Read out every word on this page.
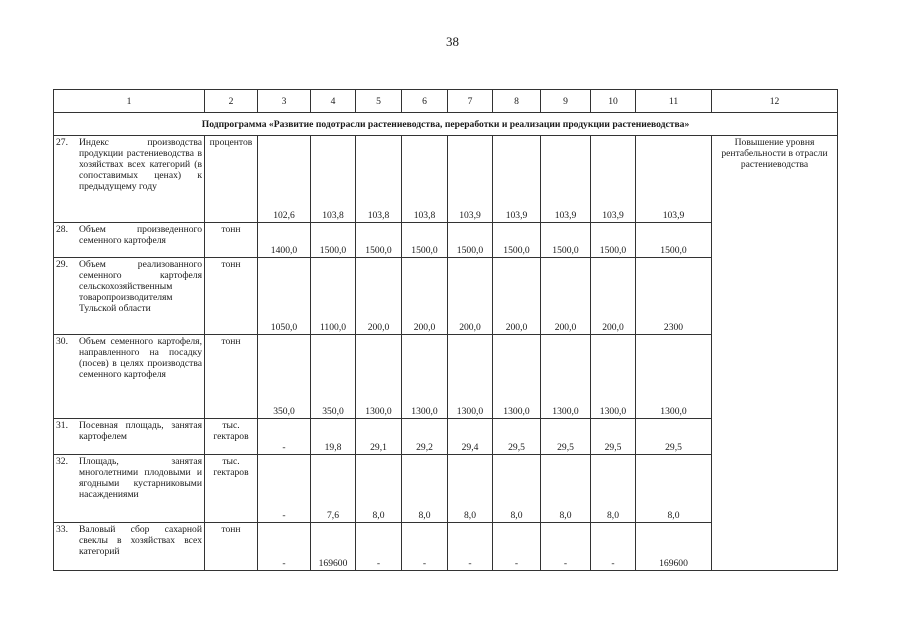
38
1	2	3	4	5	6	7	8	9	10	11	12
Подпрограмма «Развитие подотрасли растениеводства, переработки и реализации продукции растениеводства»											

27. Индекс производства продукции растениеводства в хозяйствах всех категорий (в сопоставимых ценах) к предыдущему году	процентов	102,6	103,8	103,8	103,8	103,9	103,9	103,9	103,9	103,9	Повышение уровня рентабельности в отрасли растениеводства

28. Объем произведенного семенного картофеля	тонн	1400,0	1500,0	1500,0	1500,0	1500,0	1500,0	1500,0	1500,0	1500,0	

29. Объем реализованного семенного картофеля сельскохозяйственным товаропроизводителям Тульской области	тонн	1050,0	1100,0	200,0	200,0	200,0	200,0	200,0	200,0	2300	

30. Объем семенного картофеля, направленного на посадку (посев) в целях производства семенного картофеля	тонн	350,0	350,0	1300,0	1300,0	1300,0	1300,0	1300,0	1300,0	1300,0	

31. Посевная площадь, занятая картофелем	тыс. гектаров	-	19,8	29,1	29,2	29,4	29,5	29,5	29,5	29,5	

32. Площадь, занятая многолетними плодовыми и ягодными кустарниковыми насаждениями	тыс. гектаров	-	7,6	8,0	8,0	8,0	8,0	8,0	8,0	8,0	

33. Валовый сбор сахарной свеклы в хозяйствах всех категорий	тонн	-	169600	-	-	-	-	-	-	169600	
